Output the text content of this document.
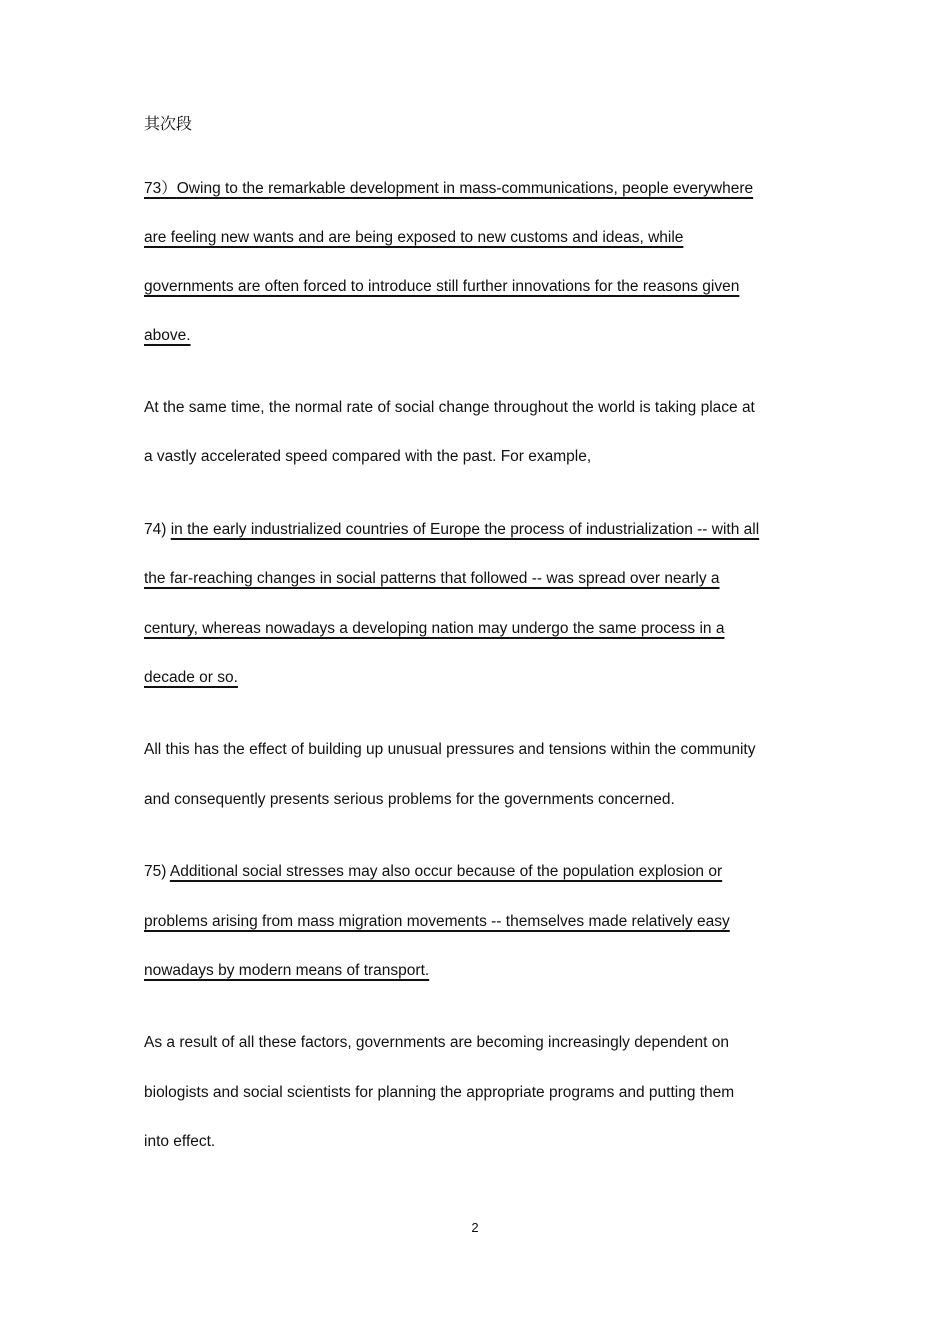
其次段
73）Owing to the remarkable development in mass-communications, people everywhere
are feeling new wants and are being exposed to new customs and ideas, while
governments are often forced to introduce still further innovations for the reasons given
above.
At the same time, the normal rate of social change throughout the world is taking place at
a vastly accelerated speed compared with the past. For example,
74) in the early industrialized countries of Europe the process of industrialization -- with all
the far-reaching changes in social patterns that followed -- was spread over nearly a
century, whereas nowadays a developing nation may undergo the same process in a
decade or so.
All this has the effect of building up unusual pressures and tensions within the community
and consequently presents serious problems for the governments concerned.
75) Additional social stresses may also occur because of the population explosion or
problems arising from mass migration movements -- themselves made relatively easy
nowadays by modern means of transport.
As a result of all these factors, governments are becoming increasingly dependent on
biologists and social scientists for planning the appropriate programs and putting them
into effect.
2
